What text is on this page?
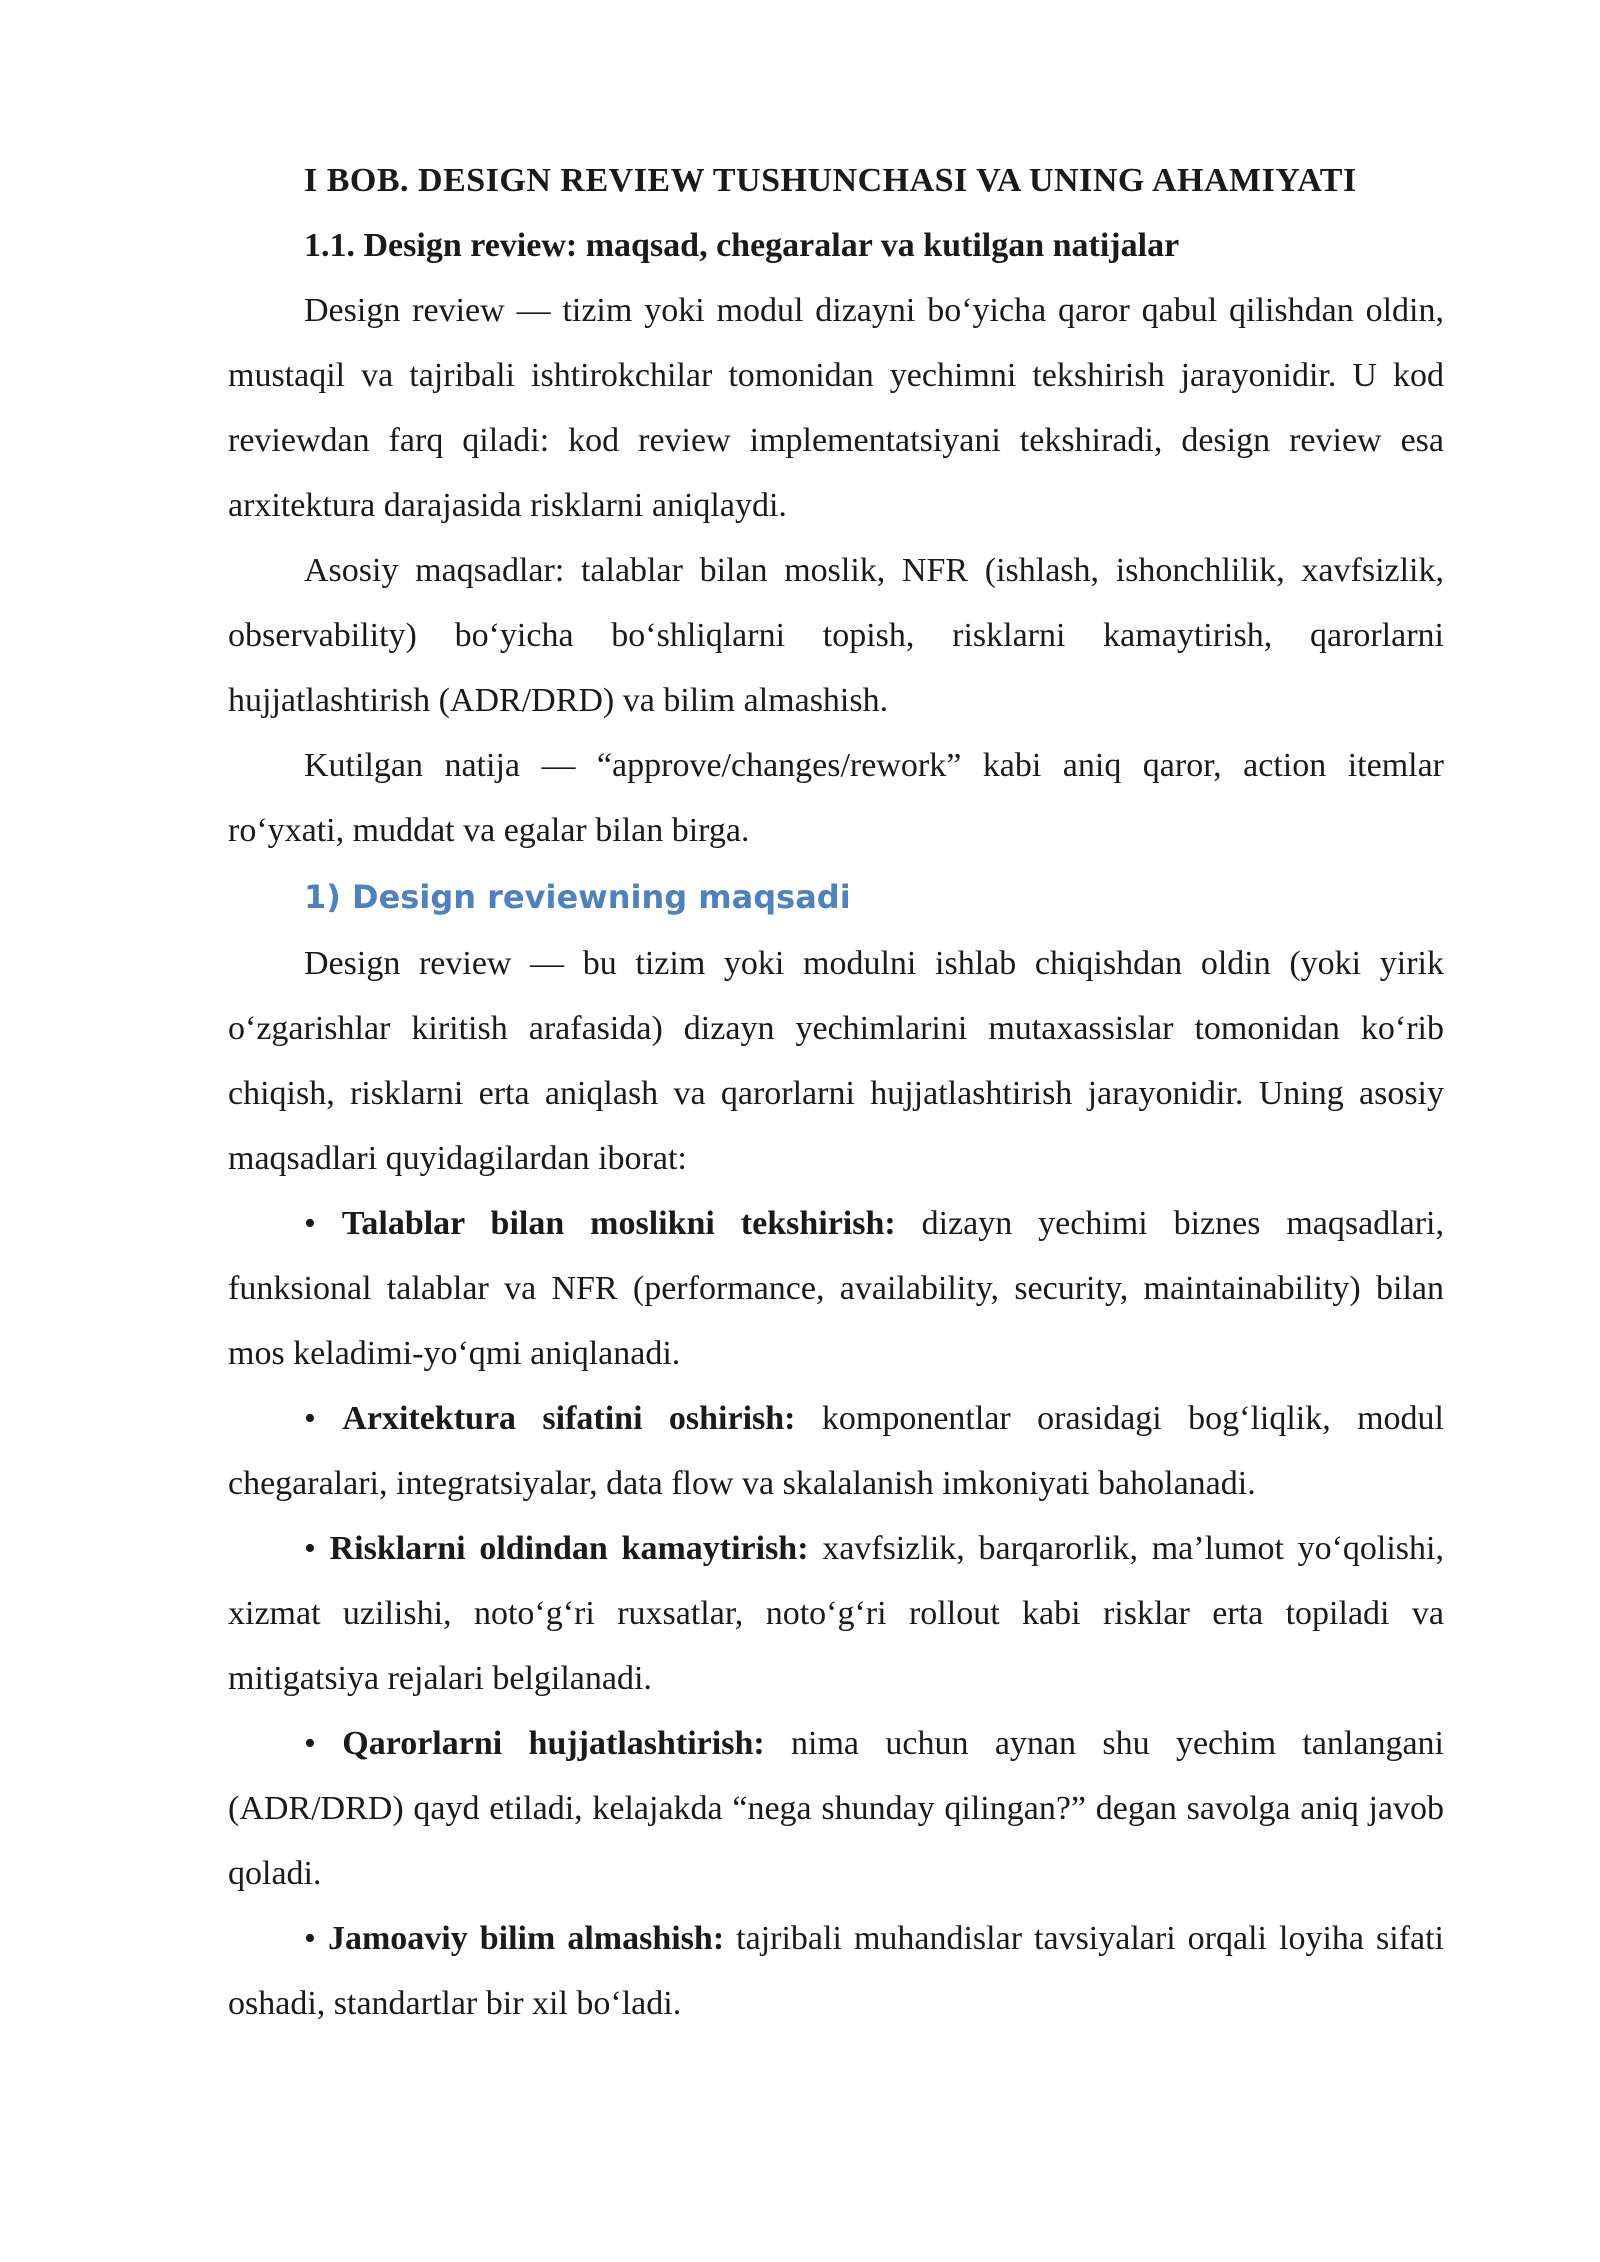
I BOB. DESIGN REVIEW TUSHUNCHASI VA UNING AHAMIYATI

1.1. Design review: maqsad, chegaralar va kutilgan natijalar

Design review — tizim yoki modul dizayni bo‘yicha qaror qabul qilishdan oldin, mustaqil va tajribali ishtirokchilar tomonidan yechimni tekshirish jarayonidir. U kod reviewdan farq qiladi: kod review implementatsiyani tekshiradi, design review esa arxitektura darajasida risklarni aniqlaydi.

Asosiy maqsadlar: talablar bilan moslik, NFR (ishlash, ishonchlilik, xavfsizlik, observability) bo‘yicha bo‘shliqlarni topish, risklarni kamaytirish, qarorlarni hujjatlashtirish (ADR/DRD) va bilim almashish.

Kutilgan natija — “approve/changes/rework” kabi aniq qaror, action itemlar ro‘yxati, muddat va egalar bilan birga.

1) Design reviewning maqsadi

Design review — bu tizim yoki modulni ishlab chiqishdan oldin (yoki yirik o‘zgarishlar kiritish arafasida) dizayn yechimlarini mutaxassislar tomonidan ko‘rib chiqish, risklarni erta aniqlash va qarorlarni hujjatlashtirish jarayonidir. Uning asosiy maqsadlari quyidagilardan iborat:

• Talablar bilan moslikni tekshirish: dizayn yechimi biznes maqsadlari, funksional talablar va NFR (performance, availability, security, maintainability) bilan mos keladimi-yo‘qmi aniqlanadi.

• Arxitektura sifatini oshirish: komponentlar orasidagi bog‘liqlik, modul chegaralari, integratsiyalar, data flow va skalalanish imkoniyati baholanadi.

• Risklarni oldindan kamaytirish: xavfsizlik, barqarorlik, ma’lumot yo‘qolishi, xizmat uzilishi, noto‘g‘ri ruxsatlar, noto‘g‘ri rollout kabi risklar erta topiladi va mitigatsiya rejalari belgilanadi.

• Qarorlarni hujjatlashtirish: nima uchun aynan shu yechim tanlangani (ADR/DRD) qayd etiladi, kelajakda “nega shunday qilingan?” degan savolga aniq javob qoladi.

• Jamoaviy bilim almashish: tajribali muhandislar tavsiyalari orqali loyiha sifati oshadi, standartlar bir xil bo‘ladi.
